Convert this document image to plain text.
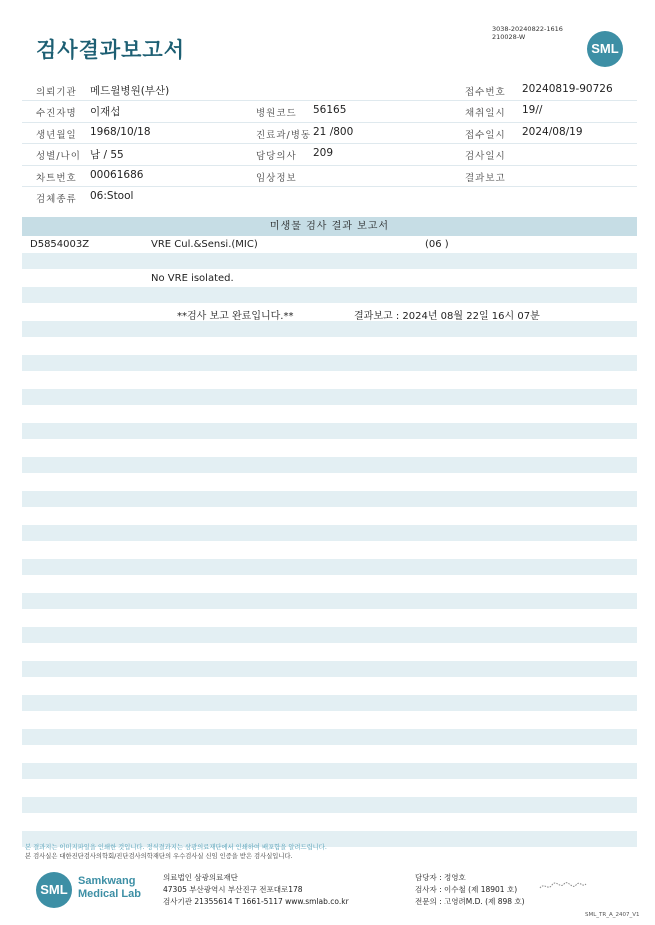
검사결과보고서
3038-20240822-1616
210028-W
SML
의뢰기관 메드윌병원(부산)	접수번호 20240819-90726
수진자명 이재섭	병원코드 56165	채취일시 19//
생년월일 1968/10/18	진료과/병동 21 /800	접수일시 2024/08/19
성별/나이 남 / 55	담당의사 209	검사일시
차트번호 00061686	임상정보	결과보고
검체종류 06:Stool
미생물 검사 결과 보고서
D5854003Z	VRE Cul.&Sensi.(MIC)	(06 )
No VRE isolated.
**검사 보고 완료입니다.**	결과보고 : 2024년 08월 22일 16시 07분
본 결과지는 이미지파일을 인쇄한 것입니다. 정식결과지는 삼광의료재단에서 인쇄하여 배포함을 알려드립니다.
본 검사실은 대한진단검사의학회/진단검사의학재단의 우수검사실 신임 인증을 받은 검사실입니다.
SML
Samkwang
Medical Lab
의료법인 삼광의료재단
47305 부산광역시 부산진구 전포대로178
검사기관 21355614 T 1661-5117 www.smlab.co.kr
담당자 : 정영호
검사자 : 이수철 (제 18901 호)
전문의 : 고영려M.D. (제 898 호)
SML_TR_A_2407_V1
